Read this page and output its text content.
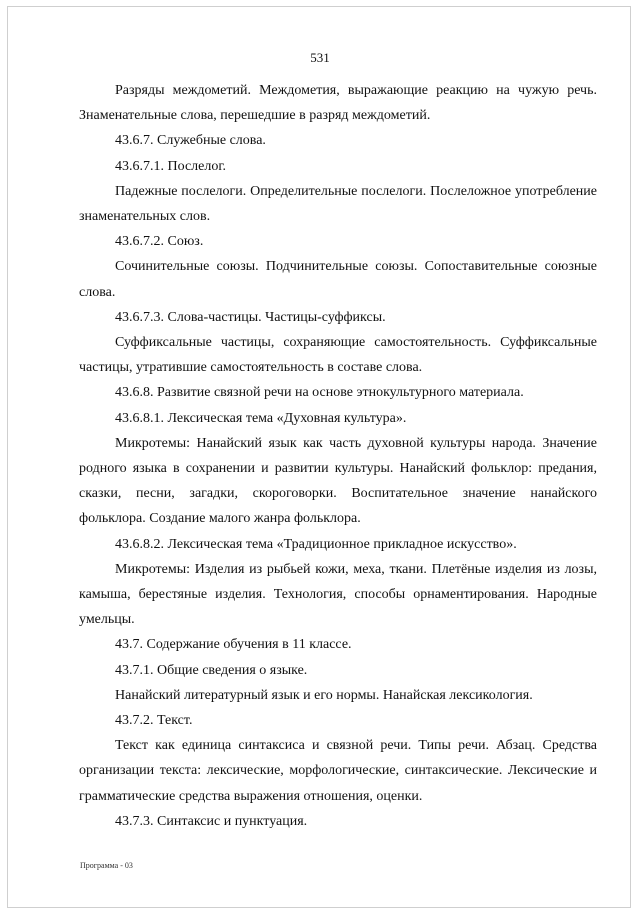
531

Разряды междометий. Междометия, выражающие реакцию на чужую речь. Знаменательные слова, перешедшие в разряд междометий.

43.6.7. Служебные слова.

43.6.7.1. Послелог.

Падежные послелоги. Определительные послелоги. Послеложное употребление знаменательных слов.

43.6.7.2. Союз.

Сочинительные союзы. Подчинительные союзы. Сопоставительные союзные слова.

43.6.7.3. Слова-частицы. Частицы-суффиксы.

Суффиксальные частицы, сохраняющие самостоятельность. Суффиксальные частицы, утратившие самостоятельность в составе слова.

43.6.8. Развитие связной речи на основе этнокультурного материала.

43.6.8.1. Лексическая тема «Духовная культура».

Микротемы: Нанайский язык как часть духовной культуры народа. Значение родного языка в сохранении и развитии культуры. Нанайский фольклор: предания, сказки, песни, загадки, скороговорки. Воспитательное значение нанайского фольклора. Создание малого жанра фольклора.

43.6.8.2. Лексическая тема «Традиционное прикладное искусство».

Микротемы: Изделия из рыбьей кожи, меха, ткани. Плетёные изделия из лозы, камыша, берестяные изделия. Технология, способы орнаментирования. Народные умельцы.

43.7. Содержание обучения в 11 классе.

43.7.1. Общие сведения о языке.

Нанайский литературный язык и его нормы. Нанайская лексикология.

43.7.2. Текст.

Текст как единица синтаксиса и связной речи. Типы речи. Абзац. Средства организации текста: лексические, морфологические, синтаксические. Лексические и грамматические средства выражения отношения, оценки.

43.7.3. Синтаксис и пунктуация.

Программа - 03
